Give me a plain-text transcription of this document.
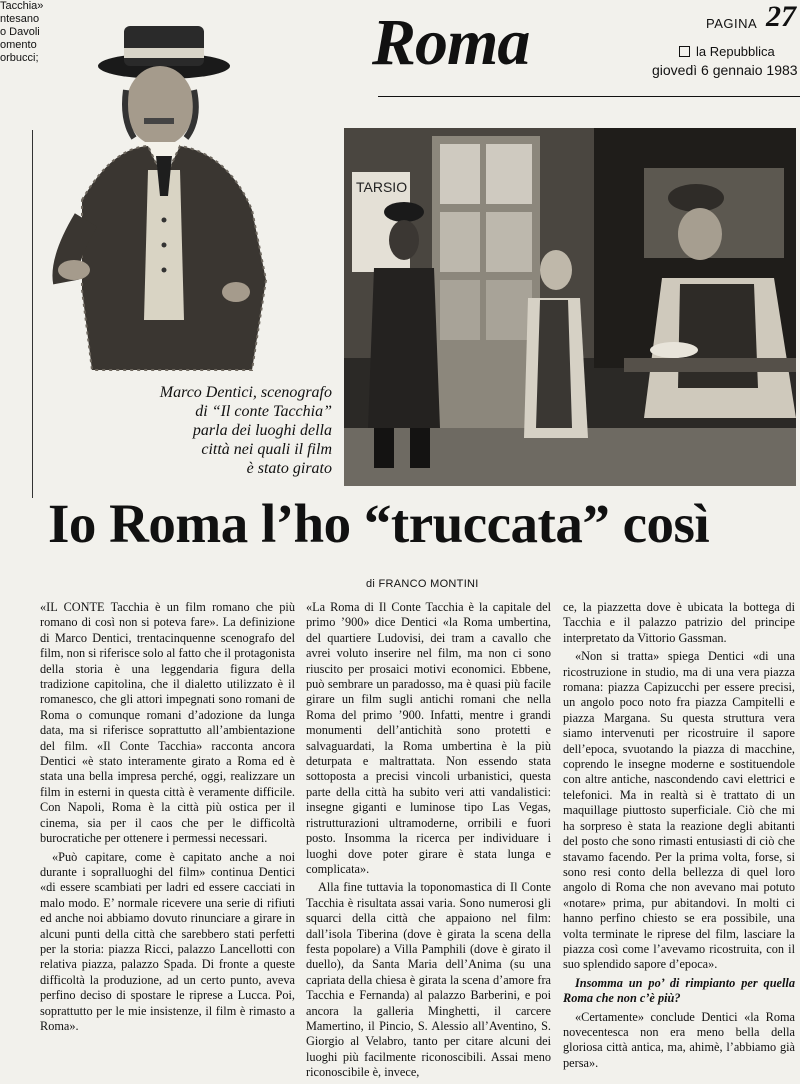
Tacchia»
ntesano
o Davoli
omento
orbucci;	Roma	PAGINA 27
la Repubblica
giovedì 6 gennaio 1983
TARSIO
Marco Dentici, scenografo
di “Il conte Tacchia”
parla dei luoghi della
città nei quali il film
è stato girato
Io Roma l’ho “truccata” così
di FRANCO MONTINI

«IL CONTE Tacchia è un film romano che più romano di così non si poteva fare». La definizione di Marco Dentici, trentacinquenne scenografo del film, non si riferisce solo al fatto che il protagonista della storia è una leggendaria figura della tradizione capitolina, che il dialetto utilizzato è il romanesco, che gli attori impegnati sono romani de Roma o comunque romani d’adozione da lunga data, ma si riferisce soprattutto all’ambientazione del film. «Il Conte Tacchia» racconta ancora Dentici «è stato interamente girato a Roma ed è stata una bella impresa perché, oggi, realizzare un film in esterni in questa città è veramente difficile. Con Napoli, Roma è la città più ostica per il cinema, sia per il caos che per le difficoltà burocratiche per ottenere i permessi necessari.

«Può capitare, come è capitato anche a noi durante i sopralluoghi del film» continua Dentici «di essere scambiati per ladri ed essere cacciati in malo modo. E’ normale ricevere una serie di rifiuti ed anche noi abbiamo dovuto rinunciare a girare in alcuni punti della città che sarebbero stati perfetti per la storia: piazza Ricci, palazzo Lancellotti con relativa piazza, palazzo Spada. Di fronte a queste difficoltà la produzione, ad un certo punto, aveva perfino deciso di spostare le riprese a Lucca. Poi, soprattutto per le mie insistenze, il film è rimasto a Roma».

«La Roma di Il Conte Tacchia è la capitale del primo ’900» dice Dentici «la Roma umbertina, del quartiere Ludovisi, dei tram a cavallo che avrei voluto inserire nel film, ma non ci sono riuscito per prosaici motivi economici. Ebbene, può sembrare un paradosso, ma è quasi più facile girare un film sugli antichi romani che nella Roma del primo ’900. Infatti, mentre i grandi monumenti dell’antichità sono protetti e salvaguardati, la Roma umbertina è la più deturpata e maltrattata. Non essendo stata sottoposta a precisi vincoli urbanistici, questa parte della città ha subito veri atti vandalistici: insegne giganti e luminose tipo Las Vegas, ristrutturazioni ultramoderne, orribili e fuori posto. Insomma la ricerca per individuare i luoghi dove poter girare è stata lunga e complicata».

Alla fine tuttavia la toponomastica di Il Conte Tacchia è risultata assai varia. Sono numerosi gli squarci della città che appaiono nel film: dall’isola Tiberina (dove è girata la scena della festa popolare) a Villa Pamphili (dove è girato il duello), da Santa Maria dell’Anima (su una capriata della chiesa è girata la scena d’amore fra Tacchia e Fernanda) al palazzo Barberini, e poi ancora la galleria Minghetti, il carcere Mamertino, il Pincio, S. Alessio all’Aventino, S. Giorgio al Velabro, tanto per citare alcuni dei luoghi più facilmente riconoscibili. Assai meno riconoscibile è, invece,

ce, la piazzetta dove è ubicata la bottega di Tacchia e il palazzo patrizio del principe interpretato da Vittorio Gassman.

«Non si tratta» spiega Dentici «di una ricostruzione in studio, ma di una vera piazza romana: piazza Capizucchi per essere precisi, un angolo poco noto fra piazza Campitelli e piazza Margana. Su questa struttura vera siamo intervenuti per ricostruire il sapore dell’epoca, svuotando la piazza di macchine, coprendo le insegne moderne e sostituendole con altre antiche, nascondendo cavi elettrici e telefonici. Ma in realtà si è trattato di un maquillage piuttosto superficiale. Ciò che mi ha sorpreso è stata la reazione degli abitanti del posto che sono rimasti entusiasti di ciò che stavamo facendo. Per la prima volta, forse, si sono resi conto della bellezza di quel loro angolo di Roma che non avevano mai potuto «notare» prima, pur abitandovi. In molti ci hanno perfino chiesto se era possibile, una volta terminate le riprese del film, lasciare la piazza così come l’avevamo ricostruita, con il suo splendido sapore d’epoca».

Insomma un po’ di rimpianto per quella Roma che non c’è più?

«Certamente» conclude Dentici «la Roma novecentesca non era meno bella della gloriosa città antica, ma, ahimè, l’abbiamo già persa».
